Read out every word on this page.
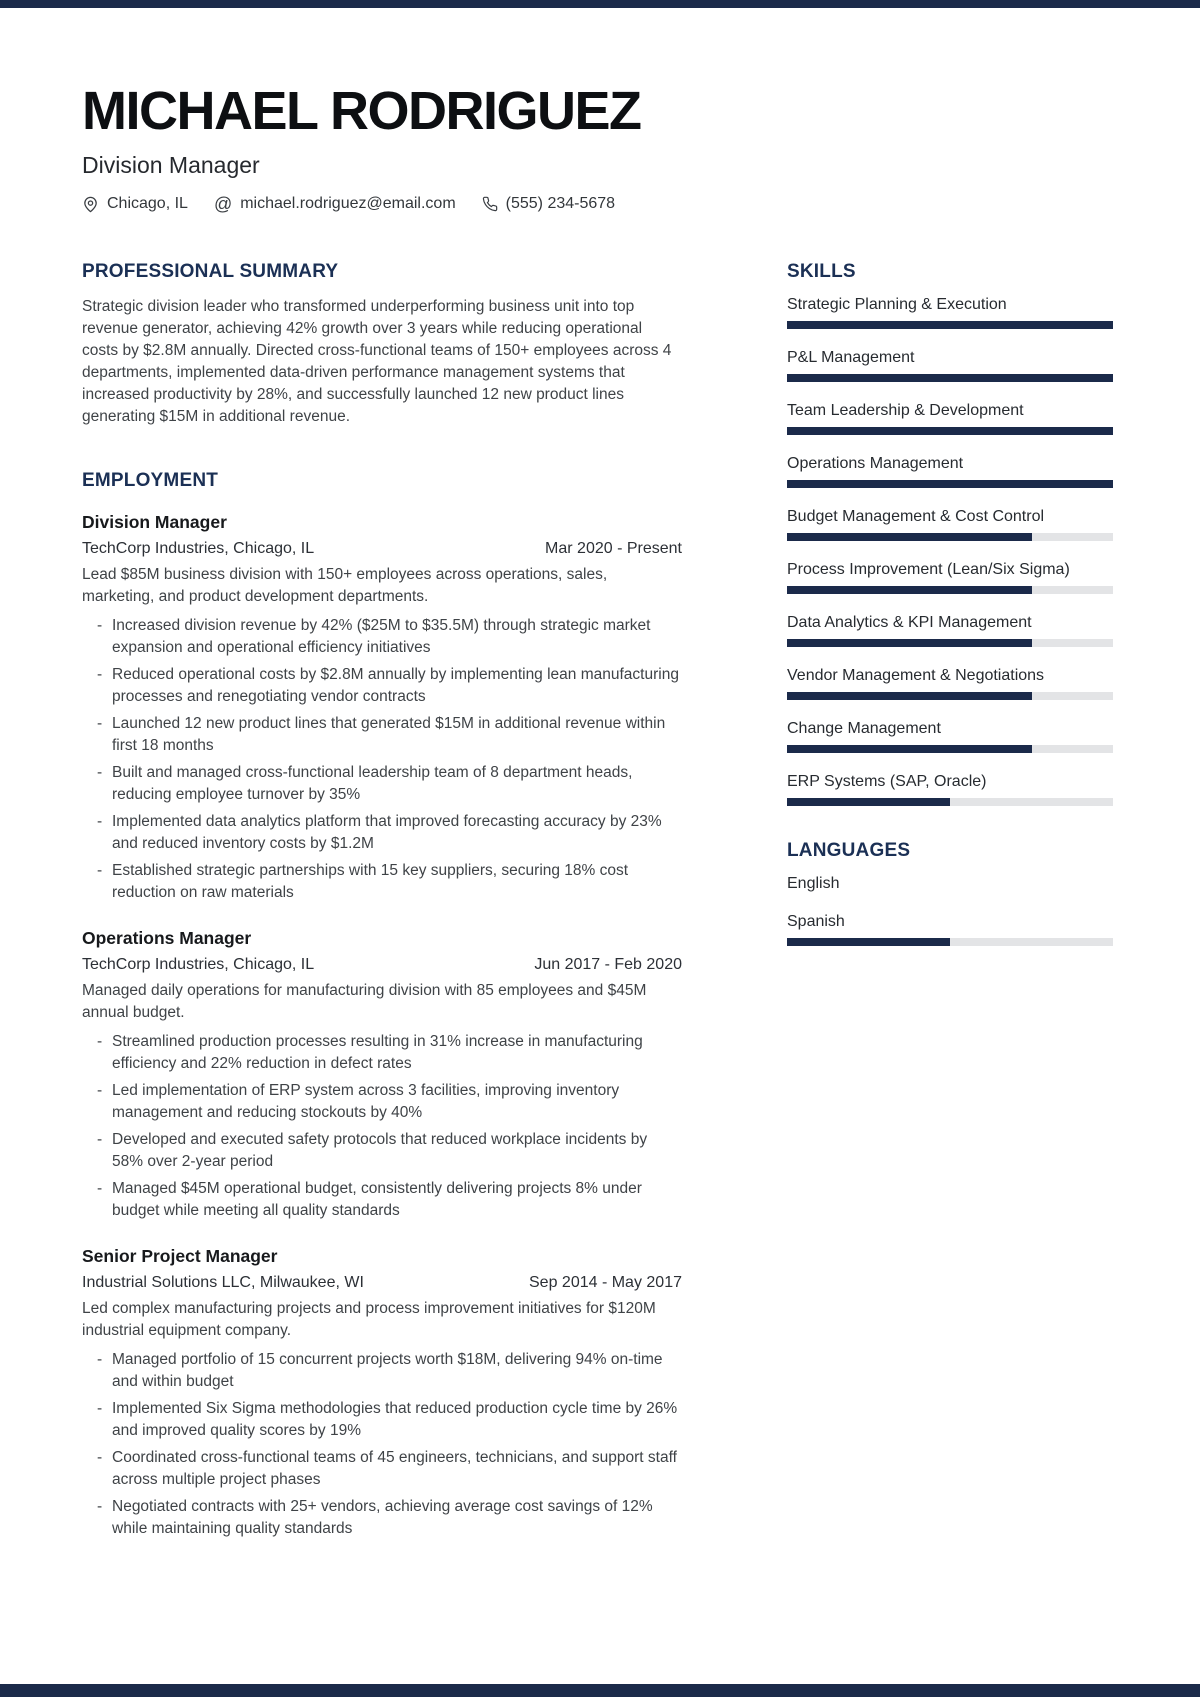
MICHAEL RODRIGUEZ
Division Manager
Chicago, IL @ michael.rodriguez@email.com	(555) 234-5678
PROFESSIONAL SUMMARY

Strategic division leader who transformed underperforming business unit into top revenue generator, achieving 42% growth over 3 years while reducing operational costs by $2.8M annually. Directed cross-functional teams of 150+ employees across 4 departments, implemented data-driven performance management systems that increased productivity by 28%, and successfully launched 12 new product lines generating $15M in additional revenue.

EMPLOYMENT
Division Manager
TechCorp Industries, Chicago, IL	Mar 2020 - Present

Lead $85M business division with 150+ employees across operations, sales, marketing, and product development departments.

- Increased division revenue by 42% ($25M to $35.5M) through strategic market expansion and operational efficiency initiatives
- Reduced operational costs by $2.8M annually by implementing lean manufacturing processes and renegotiating vendor contracts
- Launched 12 new product lines that generated $15M in additional revenue within first 18 months
- Built and managed cross-functional leadership team of 8 department heads, reducing employee turnover by 35%
- Implemented data analytics platform that improved forecasting accuracy by 23% and reduced inventory costs by $1.2M
- Established strategic partnerships with 15 key suppliers, securing 18% cost reduction on raw materials
Operations Manager
TechCorp Industries, Chicago, IL	Jun 2017 - Feb 2020

Managed daily operations for manufacturing division with 85 employees and $45M annual budget.

- Streamlined production processes resulting in 31% increase in manufacturing efficiency and 22% reduction in defect rates
- Led implementation of ERP system across 3 facilities, improving inventory management and reducing stockouts by 40%
- Developed and executed safety protocols that reduced workplace incidents by 58% over 2-year period
- Managed $45M operational budget, consistently delivering projects 8% under budget while meeting all quality standards
Senior Project Manager
Industrial Solutions LLC, Milwaukee, WI	Sep 2014 - May 2017

Led complex manufacturing projects and process improvement initiatives for $120M industrial equipment company.

- Managed portfolio of 15 concurrent projects worth $18M, delivering 94% on-time and within budget
- Implemented Six Sigma methodologies that reduced production cycle time by 26% and improved quality scores by 19%
- Coordinated cross-functional teams of 45 engineers, technicians, and support staff across multiple project phases
- Negotiated contracts with 25+ vendors, achieving average cost savings of 12% while maintaining quality standards
SKILLS
Strategic Planning & Execution
P&L Management
Team Leadership & Development
Operations Management
Budget Management & Cost Control
Process Improvement (Lean/Six Sigma)
Data Analytics & KPI Management
Vendor Management & Negotiations
Change Management
ERP Systems (SAP, Oracle)
LANGUAGES
English
Spanish
